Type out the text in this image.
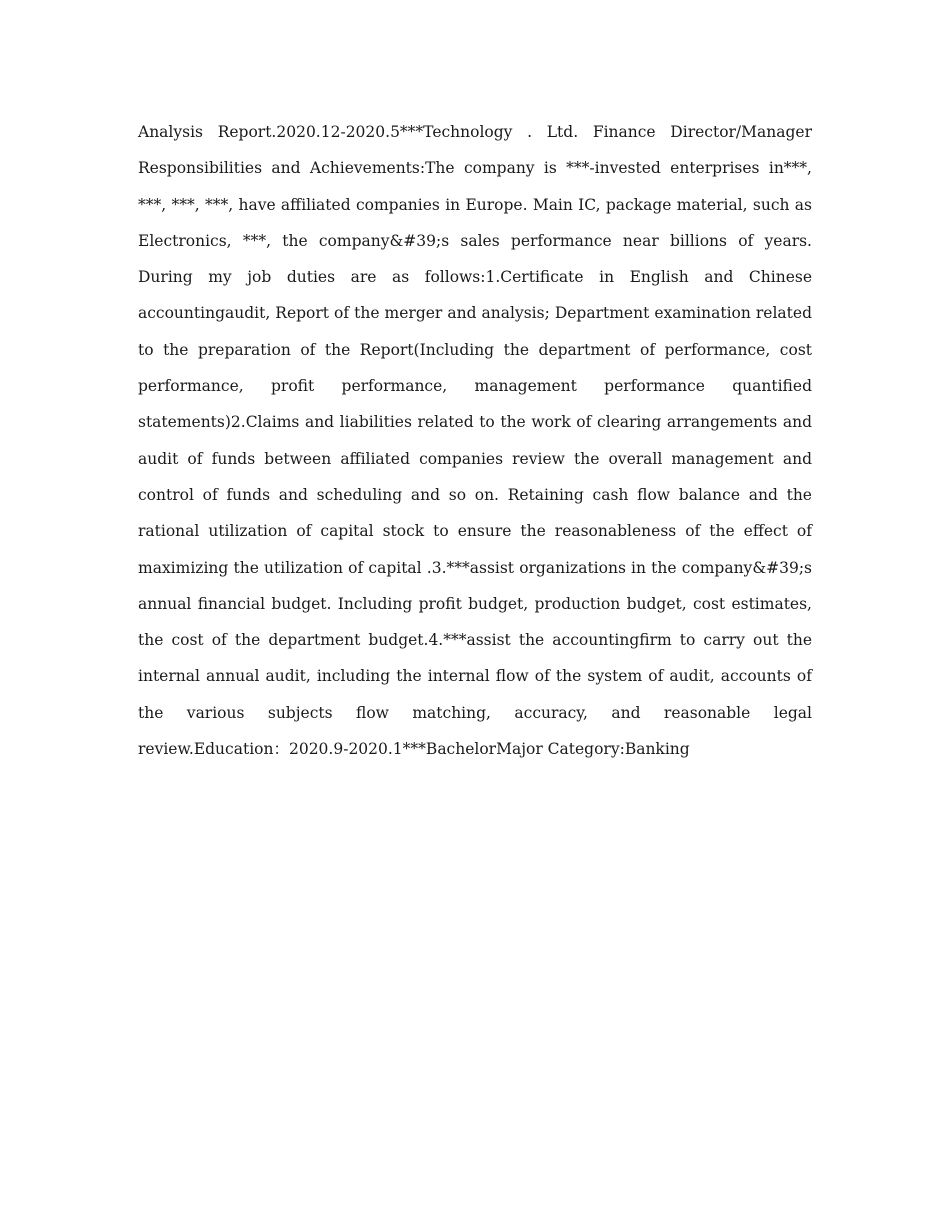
Analysis Report.2020.12-2020.5***Technology . Ltd. Finance Director/Manager Responsibilities and Achievements:The company is ***-invested enterprises in***, ***, ***, ***, have affiliated companies in Europe. Main IC, package material, such as Electronics, ***, the company&#39;s sales performance near billions of years. During my job duties are as follows:1.Certificate in English and Chinese accountingaudit, Report of the merger and analysis; Department examination related to the preparation of the Report(Including the department of performance, cost performance, profit performance, management performance quantified statements)2.Claims and liabilities related to the work of clearing arrangements and audit of funds between affiliated companies review the overall management and control of funds and scheduling and so on. Retaining cash flow balance and the rational utilization of capital stock to ensure the reasonableness of the effect of maximizing the utilization of capital .3.***assist organizations in the company&#39;s annual financial budget. Including profit budget, production budget, cost estimates, the cost of the department budget.4.***assist the accountingfirm to carry out the internal annual audit, including the internal flow of the system of audit, accounts of the various subjects flow matching, accuracy, and reasonable legal review.Education：2020.9-2020.1***BachelorMajor Category:Banking
